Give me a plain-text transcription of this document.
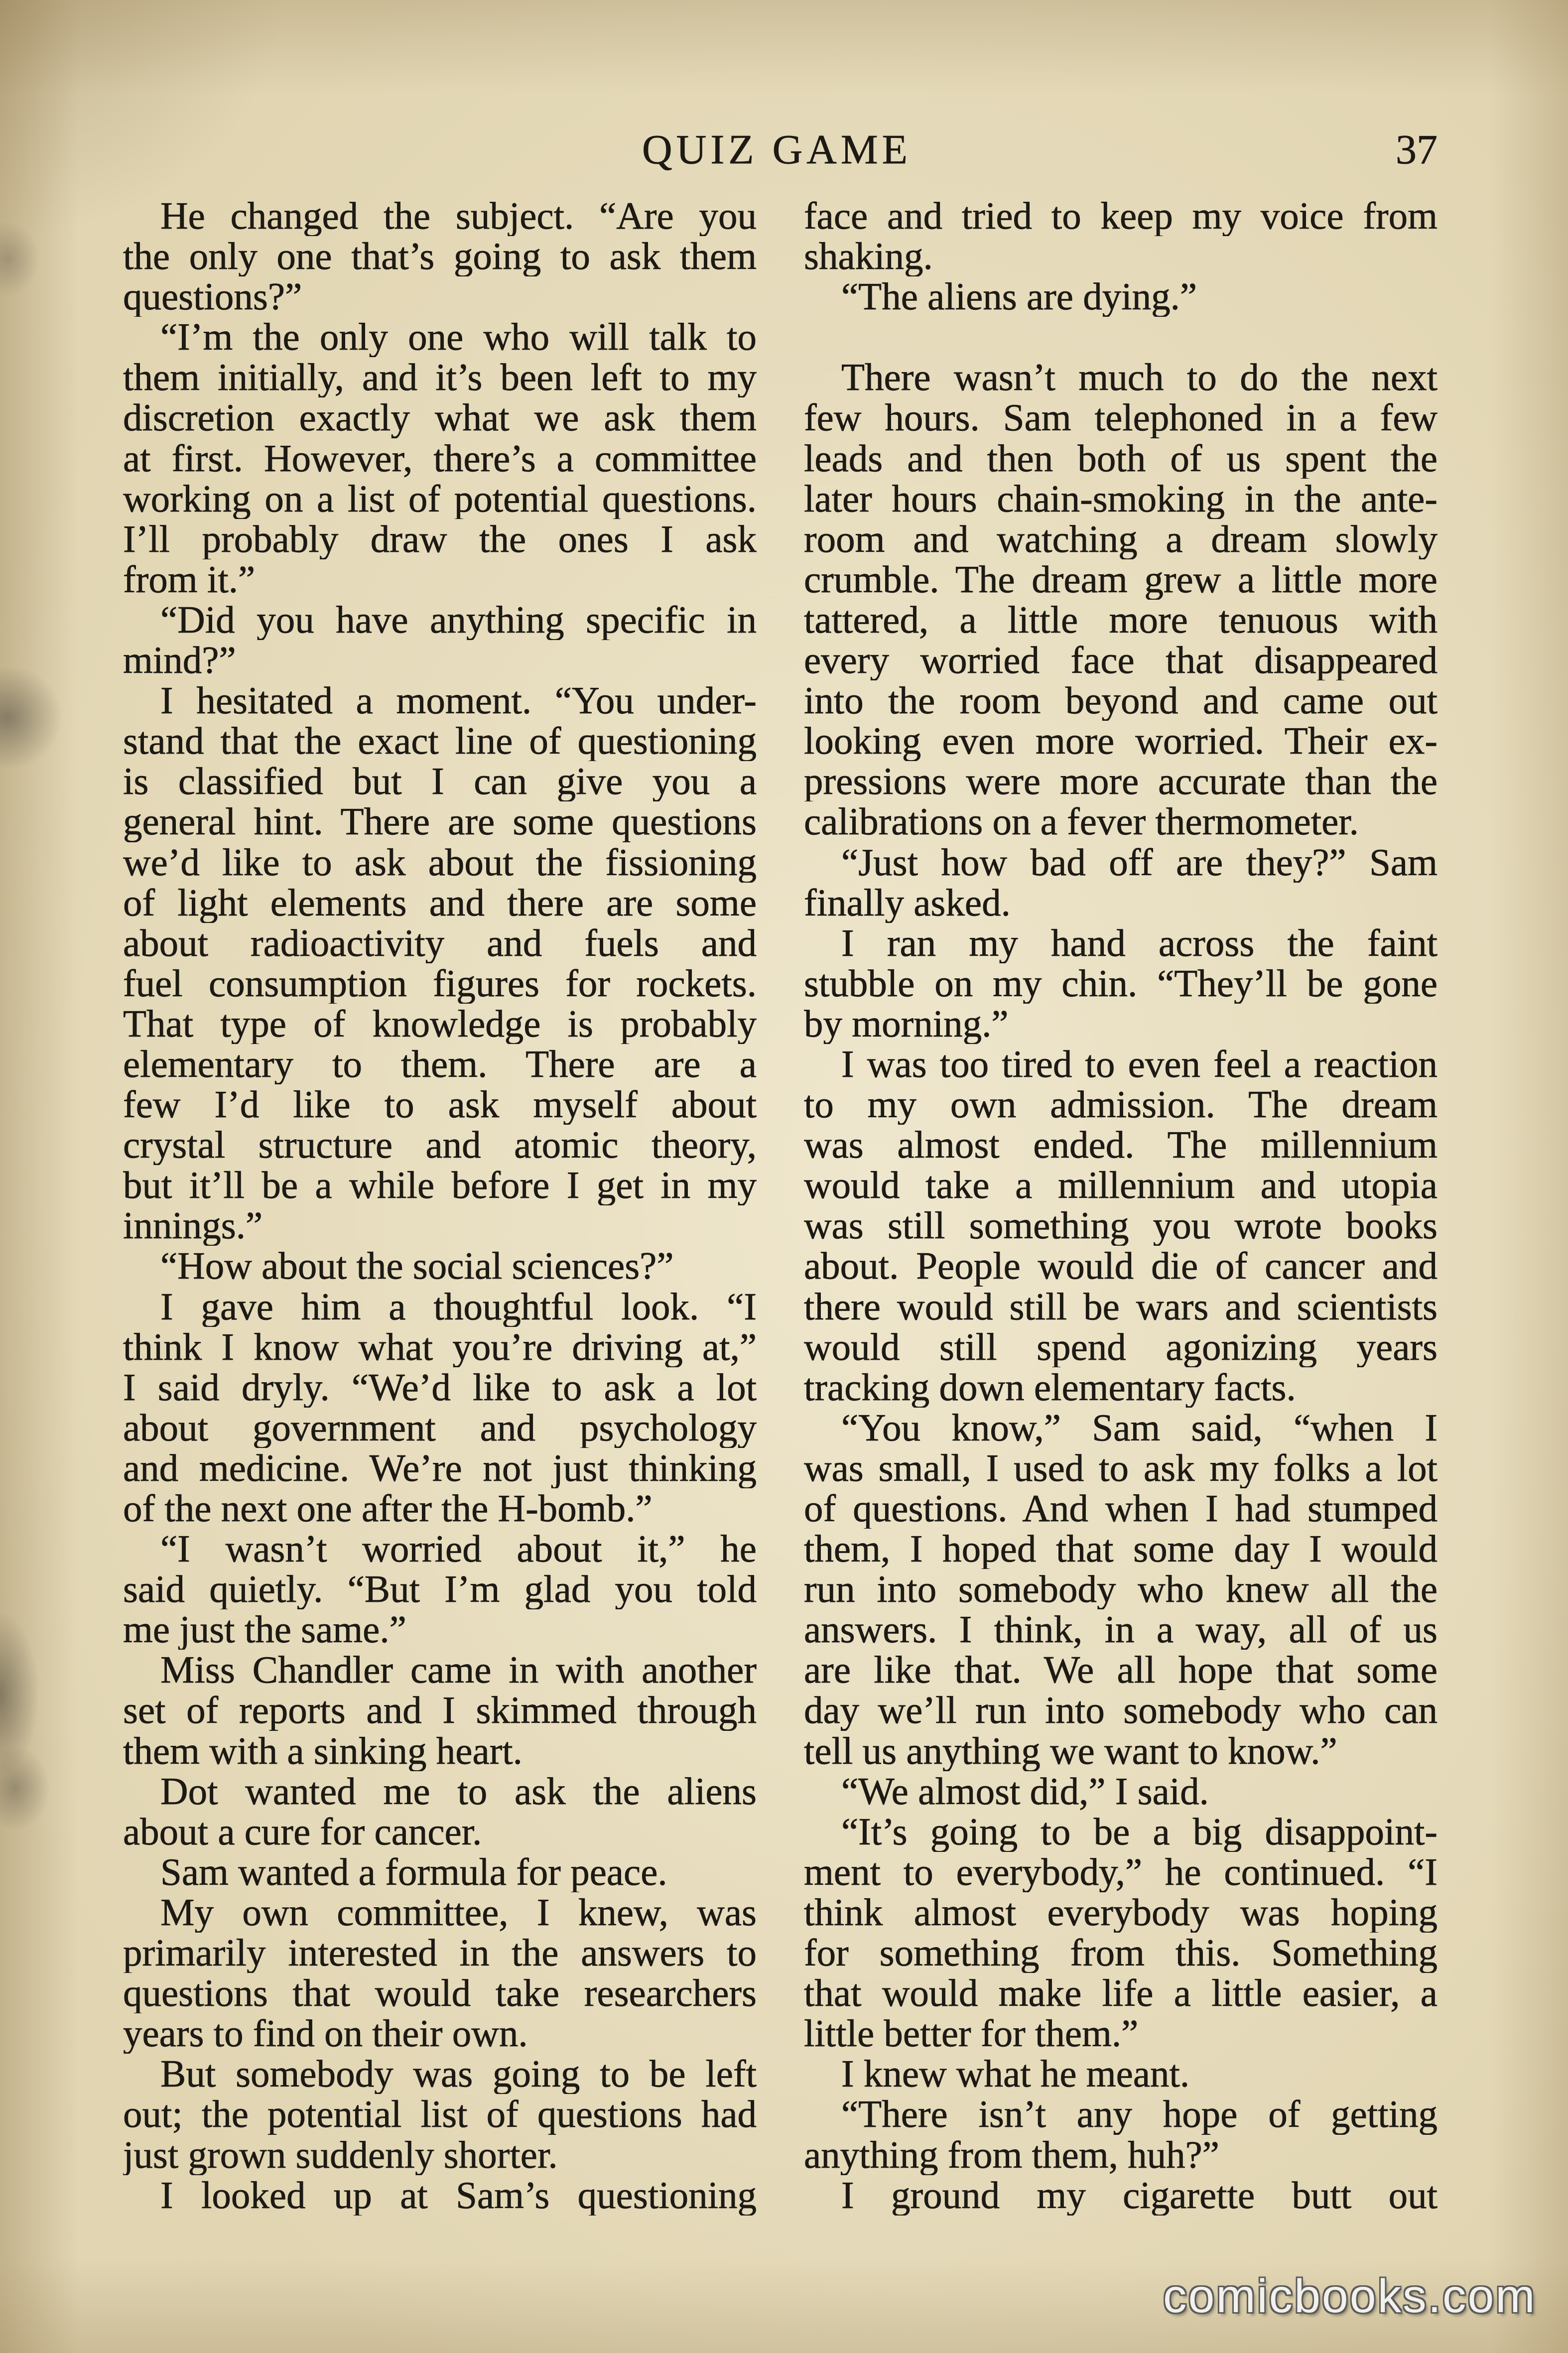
QUIZ GAME	37
He changed the subject. “Are you
the only one that’s going to ask them
questions?”
“I’m the only one who will talk to
them initially, and it’s been left to my
discretion exactly what we ask them
at first. However, there’s a committee
working on a list of potential questions.
I’ll probably draw the ones I ask
from it.”
“Did you have anything specific in
mind?”
I hesitated a moment. “You under-
stand that the exact line of questioning
is classified but I can give you a
general hint. There are some questions
we’d like to ask about the fissioning
of light elements and there are some
about radioactivity and fuels and
fuel consumption figures for rockets.
That type of knowledge is probably
elementary to them. There are a
few I’d like to ask myself about
crystal structure and atomic theory,
but it’ll be a while before I get in my
innings.”
“How about the social sciences?”
I gave him a thoughtful look. “I
think I know what you’re driving at,”
I said dryly. “We’d like to ask a lot
about government and psychology
and medicine. We’re not just thinking
of the next one after the H-bomb.”
“I wasn’t worried about it,” he
said quietly. “But I’m glad you told
me just the same.”
Miss Chandler came in with another
set of reports and I skimmed through
them with a sinking heart.
Dot wanted me to ask the aliens
about a cure for cancer.
Sam wanted a formula for peace.
My own committee, I knew, was
primarily interested in the answers to
questions that would take researchers
years to find on their own.
But somebody was going to be left
out; the potential list of questions had
just grown suddenly shorter.
I looked up at Sam’s questioning
face and tried to keep my voice from
shaking.
“The aliens are dying.”
There wasn’t much to do the next
few hours. Sam telephoned in a few
leads and then both of us spent the
later hours chain-smoking in the ante-
room and watching a dream slowly
crumble. The dream grew a little more
tattered, a little more tenuous with
every worried face that disappeared
into the room beyond and came out
looking even more worried. Their ex-
pressions were more accurate than the
calibrations on a fever thermometer.
“Just how bad off are they?” Sam
finally asked.
I ran my hand across the faint
stubble on my chin. “They’ll be gone
by morning.”
I was too tired to even feel a reaction
to my own admission. The dream
was almost ended. The millennium
would take a millennium and utopia
was still something you wrote books
about. People would die of cancer and
there would still be wars and scientists
would still spend agonizing years
tracking down elementary facts.
“You know,” Sam said, “when I
was small, I used to ask my folks a lot
of questions. And when I had stumped
them, I hoped that some day I would
run into somebody who knew all the
answers. I think, in a way, all of us
are like that. We all hope that some
day we’ll run into somebody who can
tell us anything we want to know.”
“We almost did,” I said.
“It’s going to be a big disappoint-
ment to everybody,” he continued. “I
think almost everybody was hoping
for something from this. Something
that would make life a little easier, a
little better for them.”
I knew what he meant.
“There isn’t any hope of getting
anything from them, huh?”
I ground my cigarette butt out
comicbooks.com
